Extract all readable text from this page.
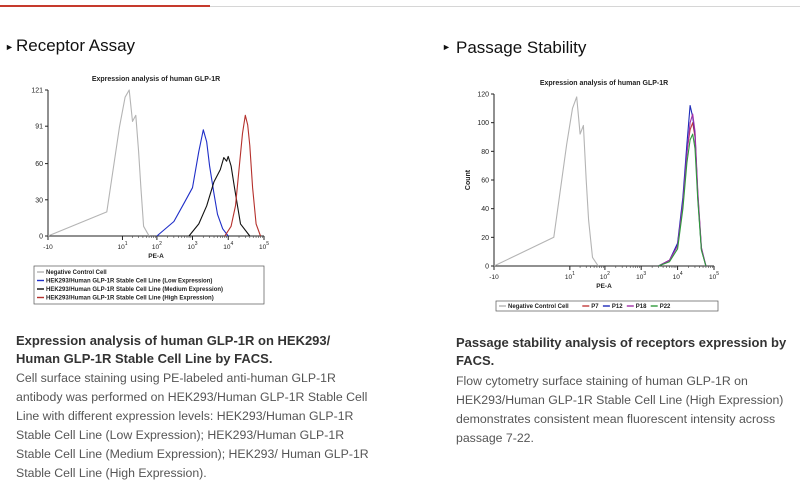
► Receptor Assay
Expression analysis of human GLP-1R
0
30
60
91
121
-10	$10^1$	$10^2$	$10^3$	$10^4$	$10^5$
PE-A
Negative Control Cell
HEK293/Human GLP-1R Stable Cell Line (Low Expression)
HEK293/Human GLP-1R Stable Cell Line (Medium Expression)
HEK293/Human GLP-1R Stable Cell Line (High Expression)
Expression analysis of human GLP-1R on HEK293/ Human GLP-1R Stable Cell Line by FACS.
Cell surface staining using PE-labeled anti-human GLP-1R antibody was performed on HEK293/Human GLP-1R Stable Cell Line with different expression levels: HEK293/Human GLP-1R Stable Cell Line (Low Expression); HEK293/Human GLP-1R Stable Cell Line (Medium Expression); HEK293/ Human GLP-1R Stable Cell Line (High Expression).
► Passage Stability
Expression analysis of human GLP-1R
0
20
40
60
80
100
120
-10	$10^1$	$10^2$	$10^3$	$10^4$	$10^5$
PE-A
Count
Negative Control Cell	P7 P12 P18 P22
Passage stability analysis of receptors expression by FACS.
Flow cytometry surface staining of human GLP-1R on HEK293/Human GLP-1R Stable Cell Line (High Expression) demonstrates consistent mean fluorescent intensity across passage 7-22.
